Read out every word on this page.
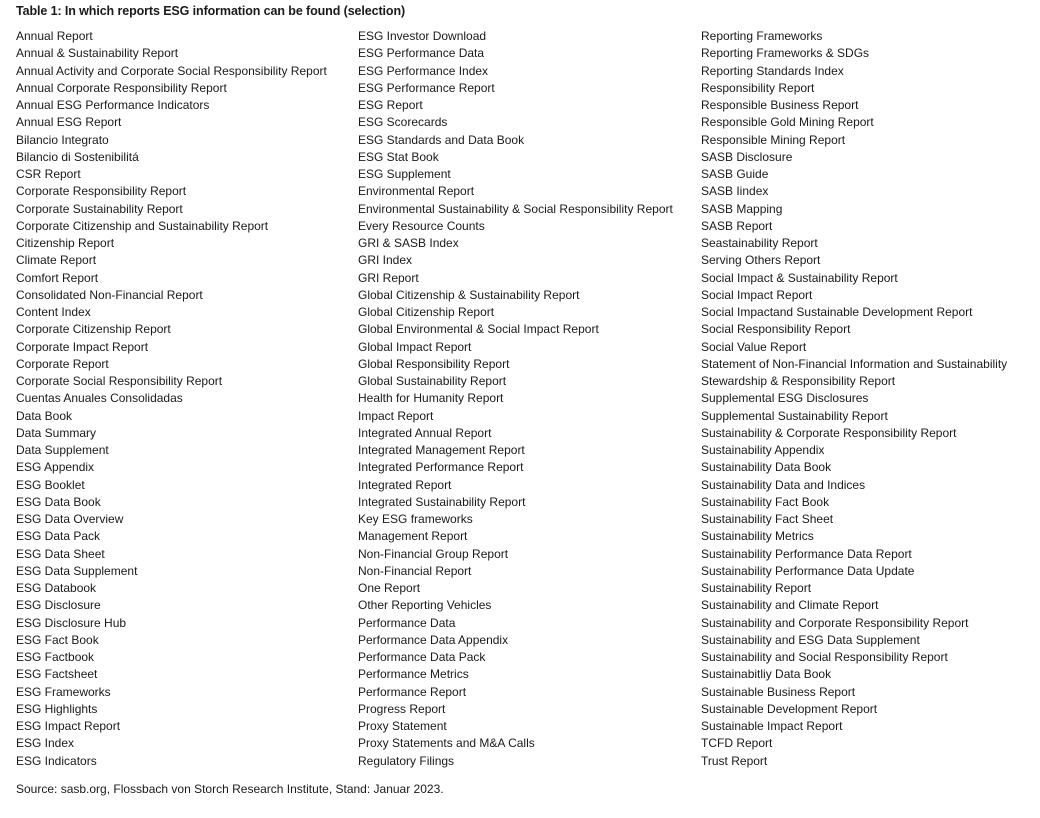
Table 1: In which reports ESG information can be found (selection)
Annual Report
Annual & Sustainability Report
Annual Activity and Corporate Social Responsibility Report
Annual Corporate Responsibility Report
Annual ESG Performance Indicators
Annual ESG Report
Bilancio Integrato
Bilancio di Sostenibilitá
CSR Report
Corporate Responsibility Report
Corporate Sustainability Report
Corporate Citizenship and Sustainability Report
Citizenship Report
Climate Report
Comfort Report
Consolidated Non-Financial Report
Content Index
Corporate Citizenship Report
Corporate Impact Report
Corporate Report
Corporate Social Responsibility Report
Cuentas Anuales Consolidadas
Data Book
Data Summary
Data Supplement
ESG Appendix
ESG Booklet
ESG Data Book
ESG Data Overview
ESG Data Pack
ESG Data Sheet
ESG Data Supplement
ESG Databook
ESG Disclosure
ESG Disclosure Hub
ESG Fact Book
ESG Factbook
ESG Factsheet
ESG Frameworks
ESG Highlights
ESG Impact Report
ESG Index
ESG Indicators
ESG Investor Download
ESG Performance Data
ESG Performance Index
ESG Performance Report
ESG Report
ESG Scorecards
ESG Standards and Data Book
ESG Stat Book
ESG Supplement
Environmental Report
Environmental Sustainability & Social Responsibility Report
Every Resource Counts
GRI & SASB Index
GRI Index
GRI Report
Global Citizenship & Sustainability Report
Global Citizenship Report
Global Environmental & Social Impact Report
Global Impact Report
Global Responsibility Report
Global Sustainability Report
Health for Humanity Report
Impact Report
Integrated Annual Report
Integrated Management Report
Integrated Performance Report
Integrated Report
Integrated Sustainability Report
Key ESG frameworks
Management Report
Non-Financial Group Report
Non-Financial Report
One Report
Other Reporting Vehicles
Performance Data
Performance Data Appendix
Performance Data Pack
Performance Metrics
Performance Report
Progress Report
Proxy Statement
Proxy Statements and M&A Calls
Regulatory Filings
Reporting Frameworks
Reporting Frameworks & SDGs
Reporting Standards Index
Responsibility Report
Responsible Business Report
Responsible Gold Mining Report
Responsible Mining Report
SASB Disclosure
SASB Guide
SASB Iindex
SASB Mapping
SASB Report
Seastainability Report
Serving Others Report
Social Impact & Sustainability Report
Social Impact Report
Social Impactand Sustainable Development Report
Social Responsibility Report
Social Value Report
Statement of Non-Financial Information and Sustainability
Stewardship & Responsibility Report
Supplemental ESG Disclosures
Supplemental Sustainability Report
Sustainability & Corporate Responsibility Report
Sustainability Appendix
Sustainability Data Book
Sustainability Data and Indices
Sustainability Fact Book
Sustainability Fact Sheet
Sustainability Metrics
Sustainability Performance Data Report
Sustainability Performance Data Update
Sustainability Report
Sustainability and Climate Report
Sustainability and Corporate Responsibility Report
Sustainability and ESG Data Supplement
Sustainability and Social Responsibility Report
Sustainabitliy Data Book
Sustainable Business Report
Sustainable Development Report
Sustainable Impact Report
TCFD Report
Trust Report
Source: sasb.org, Flossbach von Storch Research Institute, Stand: Januar 2023.
